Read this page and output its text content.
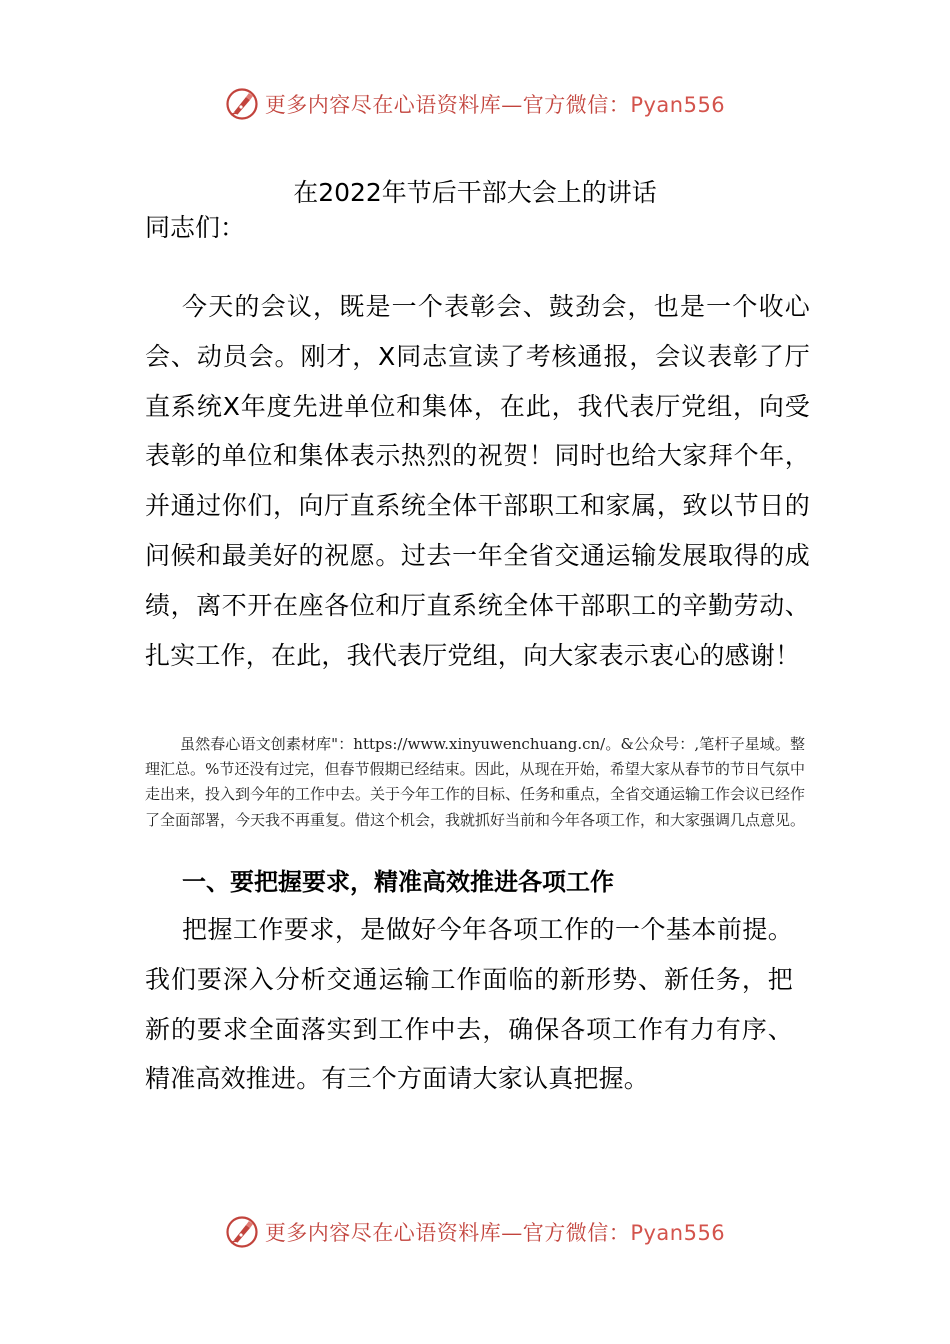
更多内容尽在心语资料库—官方微信：Pyan556
在2022年节后干部大会上的讲话

同志们：

今天的会议，既是一个表彰会、鼓劲会，也是一个收心会、动员会。刚才，X同志宣读了考核通报，会议表彰了厅直系统X年度先进单位和集体，在此，我代表厅党组，向受表彰的单位和集体表示热烈的祝贺！同时也给大家拜个年，并通过你们，向厅直系统全体干部职工和家属，致以节日的问候和最美好的祝愿。过去一年全省交通运输发展取得的成绩，离不开在座各位和厅直系统全体干部职工的辛勤劳动、扎实工作，在此，我代表厅党组，向大家表示衷心的感谢！

虽然春心语文创素材库"：https://www.xinyuwenchuang.cn/。&公众号：,笔杆子星域。整理汇总。%节还没有过完，但春节假期已经结束。因此，从现在开始，希望大家从春节的节日气氛中走出来，投入到今年的工作中去。关于今年工作的目标、任务和重点，全省交通运输工作会议已经作了全面部署，今天我不再重复。借这个机会，我就抓好当前和今年各项工作，和大家强调几点意见。

一、要把握要求，精准高效推进各项工作

把握工作要求，是做好今年各项工作的一个基本前提。我们要深入分析交通运输工作面临的新形势、新任务，把新的要求全面落实到工作中去，确保各项工作有力有序、精准高效推进。有三个方面请大家认真把握。

更多内容尽在心语资料库—官方微信：Pyan556
